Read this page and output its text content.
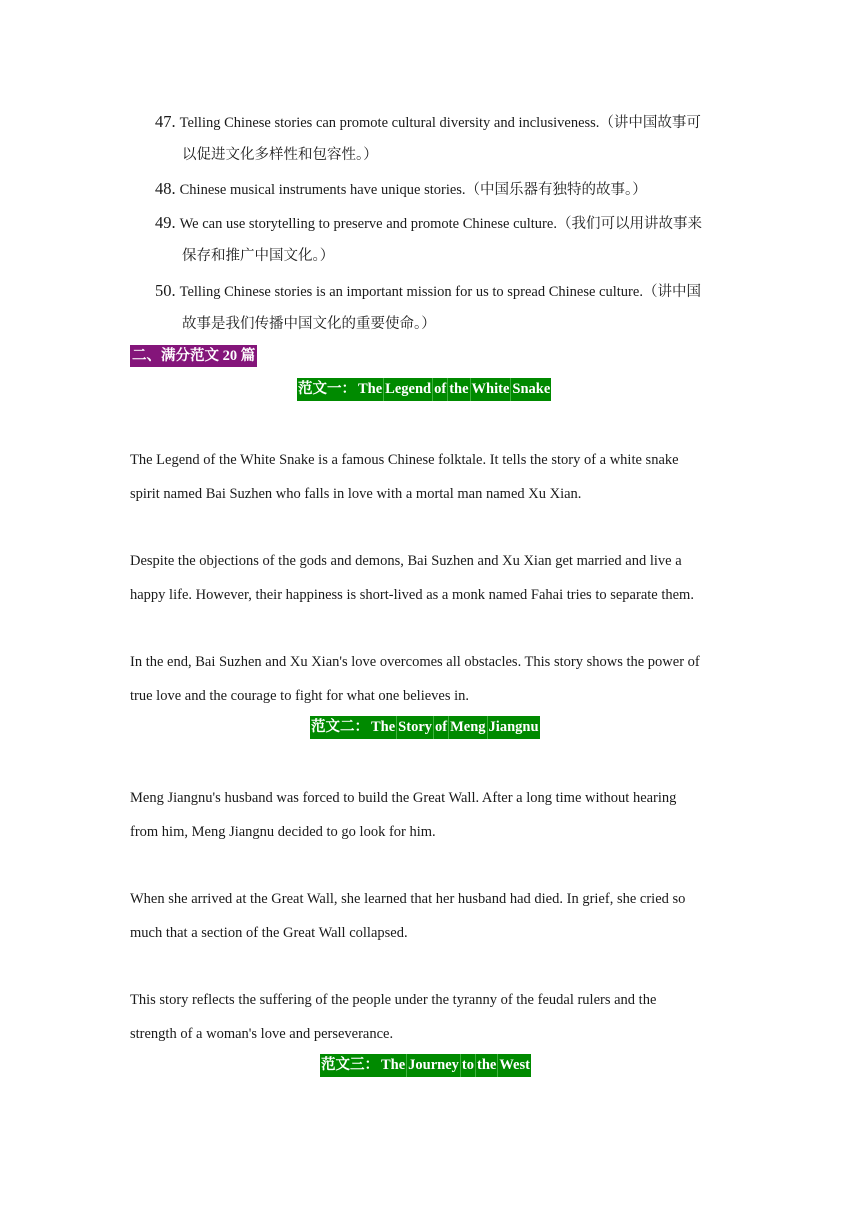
47. Telling Chinese stories can promote cultural diversity and inclusiveness.（讲中国故事可
以促进文化多样性和包容性。）
48. Chinese musical instruments have unique stories.（中国乐器有独特的故事。）
49. We can use storytelling to preserve and promote Chinese culture.（我们可以用讲故事来
保存和推广中国文化。）
50. Telling Chinese stories is an important mission for us to spread Chinese culture.（讲中国
故事是我们传播中国文化的重要使命。）
二、满分范文 20 篇
范文一： The Legend of the White Snake
The Legend of the White Snake is a famous Chinese folktale. It tells the story of a white snake
spirit named Bai Suzhen who falls in love with a mortal man named Xu Xian.
Despite the objections of the gods and demons, Bai Suzhen and Xu Xian get married and live a
happy life. However, their happiness is short-lived as a monk named Fahai tries to separate them.
In the end, Bai Suzhen and Xu Xian's love overcomes all obstacles. This story shows the power of
true love and the courage to fight for what one believes in.
范文二： The Story of Meng Jiangnu
Meng Jiangnu's husband was forced to build the Great Wall. After a long time without hearing
from him, Meng Jiangnu decided to go look for him.
When she arrived at the Great Wall, she learned that her husband had died. In grief, she cried so
much that a section of the Great Wall collapsed.
This story reflects the suffering of the people under the tyranny of the feudal rulers and the
strength of a woman's love and perseverance.
范文三： The Journey to the West
